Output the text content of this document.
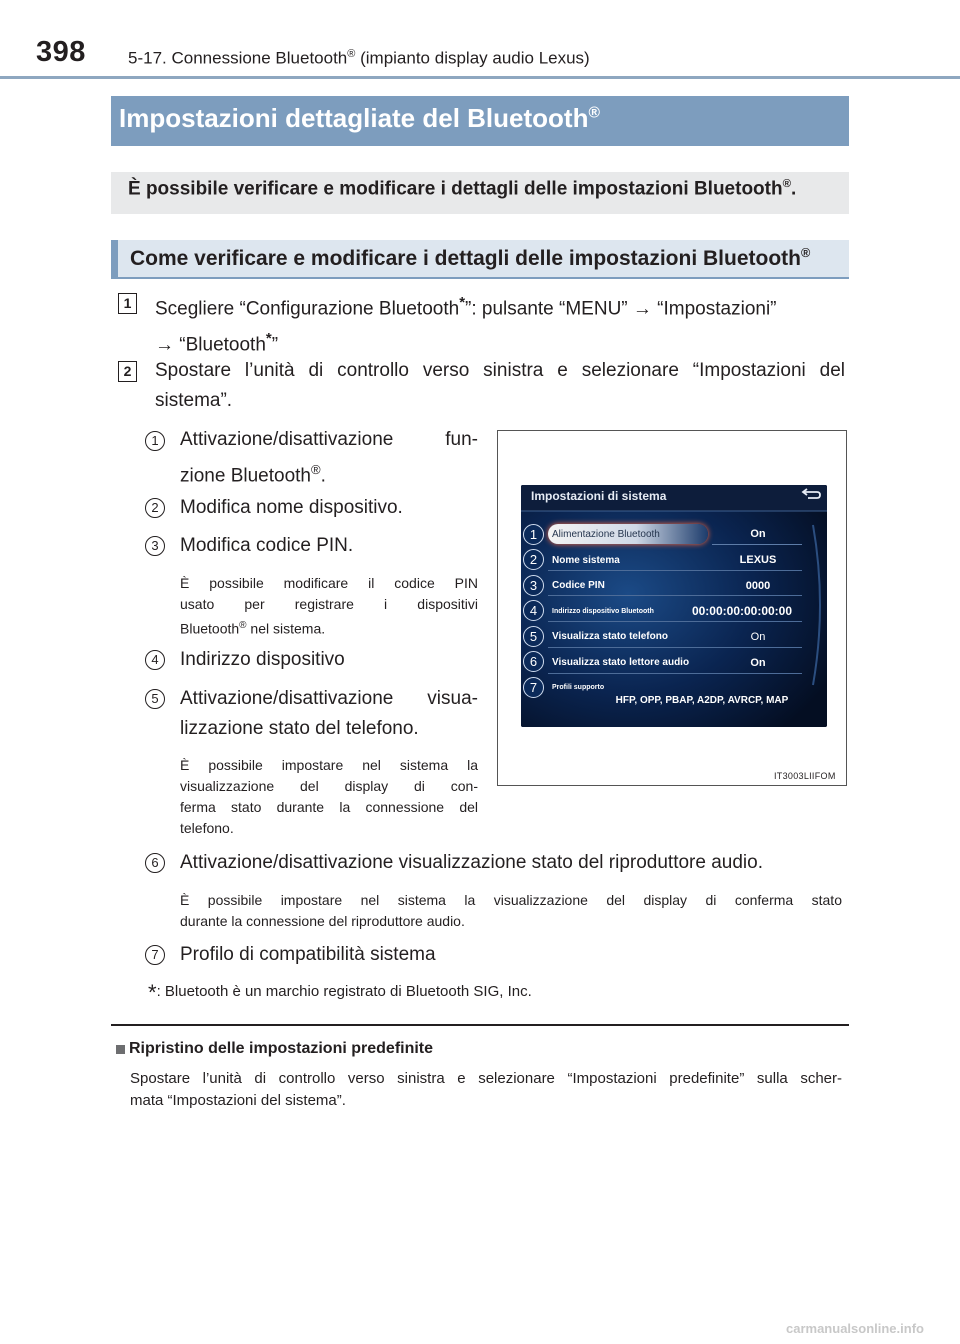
398 5-17. Connessione Bluetooth® (impianto display audio Lexus)
Impostazioni dettagliate del Bluetooth®
È possibile verificare e modificare i dettagli delle impostazioni Bluetooth®.
Come verificare e modificare i dettagli delle impostazioni Bluetooth®
1 Scegliere “Configurazione Bluetooth*”: pulsante “MENU” → “Impostazioni”
→ “Bluetooth*”
2 Spostare l’unità di controllo verso sinistra e selezionare “Impostazioni del
sistema”.
1	Attivazione/disattivazione fun-
zione Bluetooth®.
2	Modifica nome dispositivo.
3	Modifica codice PIN.
È possibile modificare il codice PIN
usato per registrare i dispositivi
Bluetooth® nel sistema.
4	Indirizzo dispositivo
5	Attivazione/disattivazione visua-
lizzazione stato del telefono.
È possibile impostare nel sistema la
visualizzazione del display di con-
ferma stato durante la connessione del
telefono.
6	Attivazione/disattivazione visualizzazione stato del riproduttore audio.
È possibile impostare nel sistema la visualizzazione del display di conferma stato
durante la connessione del riproduttore audio.
7	Profilo di compatibilità sistema
*: Bluetooth è un marchio registrato di Bluetooth SIG, Inc.
Impostazioni di sistema
1	Alimentazione Bluetooth	On
2	Nome sistema	LEXUS
3	Codice PIN	0000
4	Indirizzo dispositivo Bluetooth	00:00:00:00:00:00
5	Visualizza stato telefono	On
6	Visualizza stato lettore audio	On
7	Profili supporto
HFP, OPP, PBAP, A2DP, AVRCP, MAP
IT3003LIIFOM
Ripristino delle impostazioni predefinite
Spostare l’unità di controllo verso sinistra e selezionare “Impostazioni predefinite” sulla scher-
mata “Impostazioni del sistema”.
carmanualsonline.info
